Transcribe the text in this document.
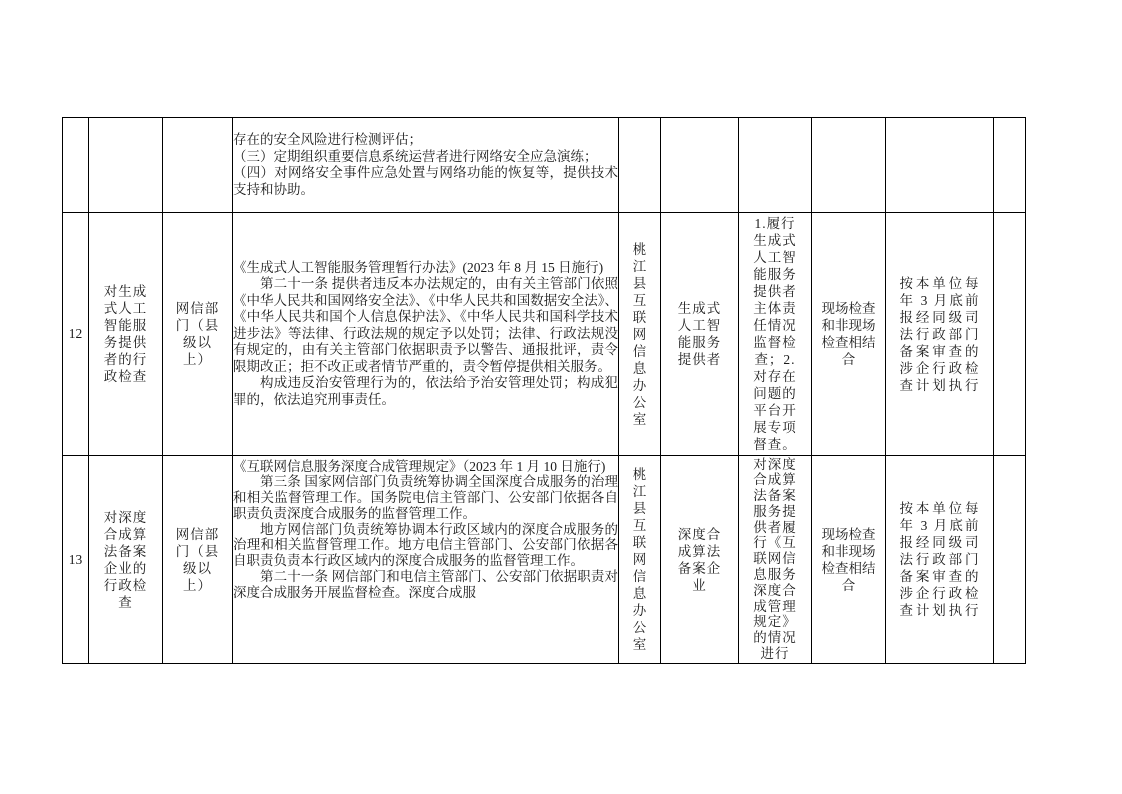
			存在的安全风险进行检测评估；

（三）定期组织重要信息系统运营者进行网络安全应急演练；

（四）对网络安全事件应急处置与网络功能的恢复等，提供技术支持和协助。						

12	对生成式人工智能服务提供者的行政检查	网信部门（县级以上）	《生成式人工智能服务管理暂行办法》(2023 年 8 月 15 日施行)

第二十一条 提供者违反本办法规定的，由有关主管部门依照《中华人民共和国网络安全法》、《中华人民共和国数据安全法》、《中华人民共和国个人信息保护法》、《中华人民共和国科学技术进步法》等法律、行政法规的规定予以处罚；法律、行政法规没有规定的，由有关主管部门依据职责予以警告、通报批评，责令限期改正；拒不改正或者情节严重的，责令暂停提供相关服务。

构成违反治安管理行为的，依法给予治安管理处罚；构成犯罪的，依法追究刑事责任。	桃江县互联网信息办公室	生成式人工智能服务提供者	1.履行生成式人工智能服务提供者主体责任情况监督检查；2.对存在问题的平台开展专项督查。	现场检查和非现场检查相结合	按本单位每年 3 月底前报经同级司法行政部门备案审查的涉企行政检查计划执行	

13	对深度合成算法备案企业的行政检查	网信部门（县级以上）	《互联网信息服务深度合成管理规定》（2023 年 1 月 10 日施行)

第三条 国家网信部门负责统筹协调全国深度合成服务的治理和相关监督管理工作。国务院电信主管部门、公安部门依据各自职责负责深度合成服务的监督管理工作。

地方网信部门负责统筹协调本行政区域内的深度合成服务的治理和相关监督管理工作。地方电信主管部门、公安部门依据各自职责负责本行政区域内的深度合成服务的监督管理工作。

第二十一条 网信部门和电信主管部门、公安部门依据职责对深度合成服务开展监督检查。深度合成服	桃江县互联网信息办公室	深度合成算法备案企业	对深度合成算法备案服务提供者履行《互联网信息服务深度合成管理规定》的情况进行	现场检查和非现场检查相结合	按本单位每年 3 月底前报经同级司法行政部门备案审查的涉企行政检查计划执行	
